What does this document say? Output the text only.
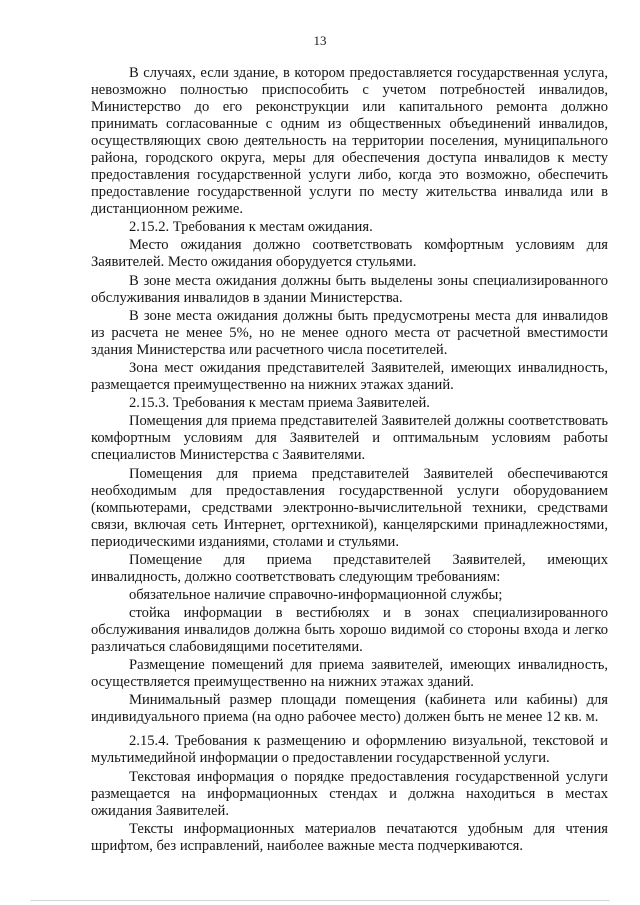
13

В случаях, если здание, в котором предоставляется государственная услуга, невозможно полностью приспособить с учетом потребностей инвалидов, Министерство до его реконструкции или капитального ремонта должно принимать согласованные с одним из общественных объединений инвалидов, осуществляющих свою деятельность на территории поселения, муниципального района, городского округа, меры для обеспечения доступа инвалидов к месту предоставления государственной услуги либо, когда это возможно, обеспечить предоставление государственной услуги по месту жительства инвалида или в дистанционном режиме.

2.15.2. Требования к местам ожидания.

Место ожидания должно соответствовать комфортным условиям для Заявителей. Место ожидания оборудуется стульями.

В зоне места ожидания должны быть выделены зоны специализированного обслуживания инвалидов в здании Министерства.

В зоне места ожидания должны быть предусмотрены места для инвалидов из расчета не менее 5%, но не менее одного места от расчетной вместимости здания Министерства или расчетного числа посетителей.

Зона мест ожидания представителей Заявителей, имеющих инвалидность, размещается преимущественно на нижних этажах зданий.

2.15.3. Требования к местам приема Заявителей.

Помещения для приема представителей Заявителей должны соответствовать комфортным условиям для Заявителей и оптимальным условиям работы специалистов Министерства с Заявителями.

Помещения для приема представителей Заявителей обеспечиваются необходимым для предоставления государственной услуги оборудованием (компьютерами, средствами электронно-вычислительной техники, средствами связи, включая сеть Интернет, оргтехникой), канцелярскими принадлежностями, периодическими изданиями, столами и стульями.

Помещение для приема представителей Заявителей, имеющих инвалидность, должно соответствовать следующим требованиям:

обязательное наличие справочно-информационной службы;

стойка информации в вестибюлях и в зонах специализированного обслуживания инвалидов должна быть хорошо видимой со стороны входа и легко различаться слабовидящими посетителями.

Размещение помещений для приема заявителей, имеющих инвалидность, осуществляется преимущественно на нижних этажах зданий.

Минимальный размер площади помещения (кабинета или кабины) для индивидуального приема (на одно рабочее место) должен быть не менее 12 кв. м.

2.15.4. Требования к размещению и оформлению визуальной, текстовой и мультимедийной информации о предоставлении государственной услуги.

Текстовая информация о порядке предоставления государственной услуги размещается на информационных стендах и должна находиться в местах ожидания Заявителей.

Тексты информационных материалов печатаются удобным для чтения шрифтом, без исправлений, наиболее важные места подчеркиваются.
